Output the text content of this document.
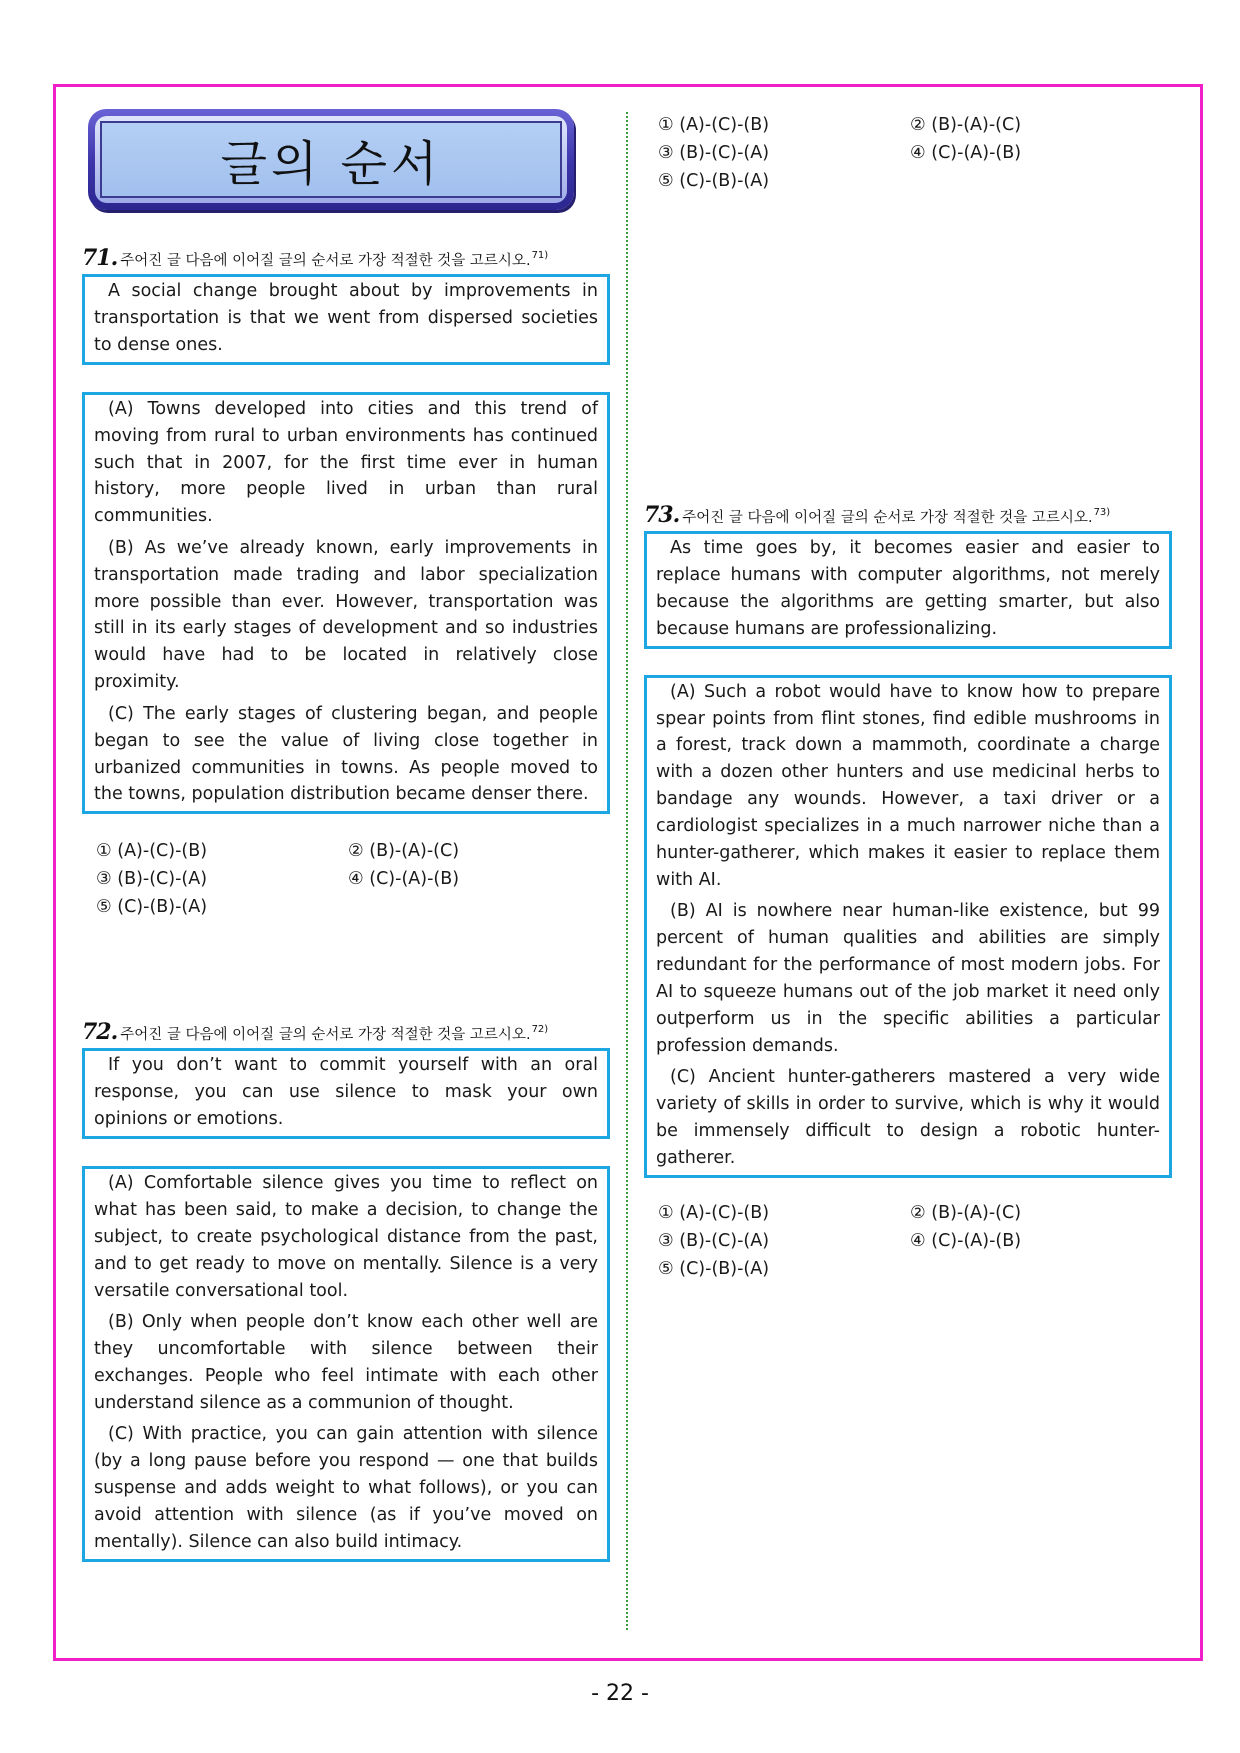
글의 순서
71. 주어진 글 다음에 이어질 글의 순서로 가장 적절한 것을 고르시오.$^{71)}$

A social change brought about by improvements in transportation is that we went from dispersed societies to dense ones.

(A) Towns developed into cities and this trend of moving from rural to urban environments has continued such that in 2007, for the first time ever in human history, more people lived in urban than rural communities.

(B) As we’ve already known, early improvements in transportation made trading and labor specialization more possible than ever. However, transportation was still in its early stages of development and so industries would have had to be located in relatively close proximity.

(C) The early stages of clustering began, and people began to see the value of living close together in urbanized communities in towns. As people moved to the towns, population distribution became denser there.

① (A)-(C)-(B)	② (B)-(A)-(C)
③ (B)-(C)-(A)	④ (C)-(A)-(B)
⑤ (C)-(B)-(A)
72. 주어진 글 다음에 이어질 글의 순서로 가장 적절한 것을 고르시오.$^{72)}$

If you don’t want to commit yourself with an oral response, you can use silence to mask your own opinions or emotions.

(A) Comfortable silence gives you time to reflect on what has been said, to make a decision, to change the subject, to create psychological distance from the past, and to get ready to move on mentally. Silence is a very versatile conversational tool.

(B) Only when people don’t know each other well are they uncomfortable with silence between their exchanges. People who feel intimate with each other understand silence as a communion of thought.

(C) With practice, you can gain attention with silence (by a long pause before you respond — one that builds suspense and adds weight to what follows), or you can avoid attention with silence (as if you’ve moved on mentally). Silence can also build intimacy.

① (A)-(C)-(B)	② (B)-(A)-(C)
③ (B)-(C)-(A)	④ (C)-(A)-(B)
⑤ (C)-(B)-(A)
73. 주어진 글 다음에 이어질 글의 순서로 가장 적절한 것을 고르시오.$^{73)}$

As time goes by, it becomes easier and easier to replace humans with computer algorithms, not merely because the algorithms are getting smarter, but also because humans are professionalizing.

(A) Such a robot would have to know how to prepare spear points from flint stones, find edible mushrooms in a forest, track down a mammoth, coordinate a charge with a dozen other hunters and use medicinal herbs to bandage any wounds. However, a taxi driver or a cardiologist specializes in a much narrower niche than a hunter-gatherer, which makes it easier to replace them with AI.

(B) AI is nowhere near human-like existence, but 99 percent of human qualities and abilities are simply redundant for the performance of most modern jobs. For AI to squeeze humans out of the job market it need only outperform us in the specific abilities a particular profession demands.

(C) Ancient hunter-gatherers mastered a very wide variety of skills in order to survive, which is why it would be immensely difficult to design a robotic hunter-gatherer.

① (A)-(C)-(B)	② (B)-(A)-(C)
③ (B)-(C)-(A)	④ (C)-(A)-(B)
⑤ (C)-(B)-(A)
- 22 -
